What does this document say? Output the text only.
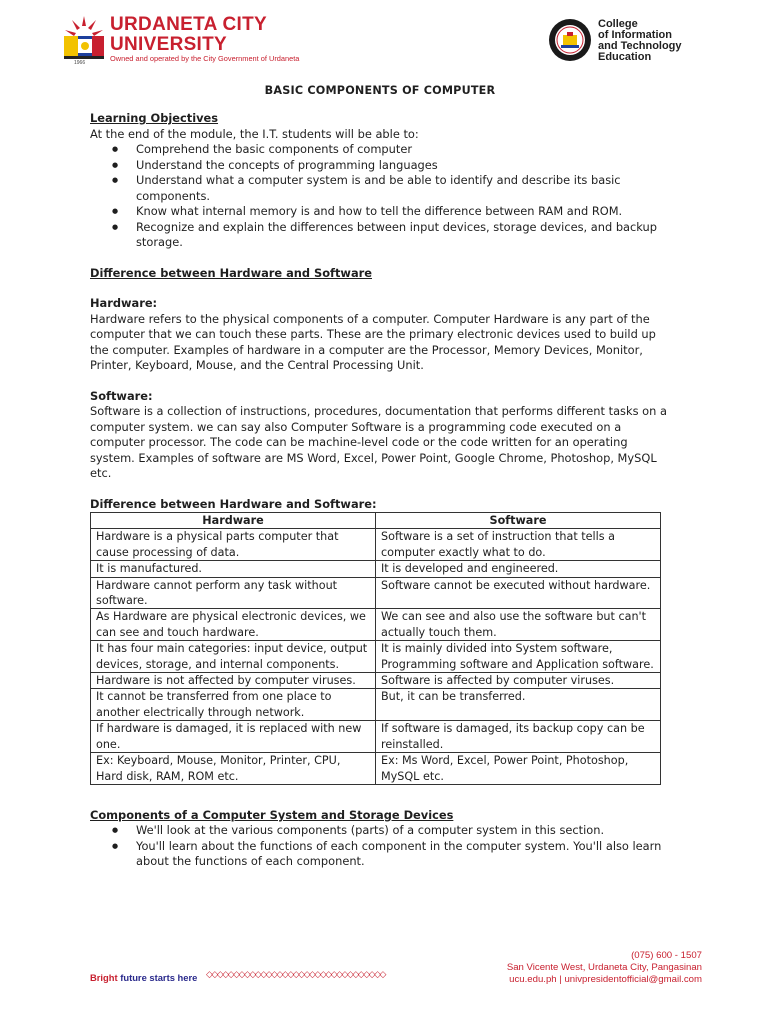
1966
URDANETA CITY
UNIVERSITY
Owned and operated by the City Government of Urdaneta
College
of Information
and Technology
Education
BASIC COMPONENTS OF COMPUTER

Learning Objectives

At the end of the module, the I.T. students will be able to:

● Comprehend the basic components of computer
● Understand the concepts of programming languages
● Understand what a computer system is and be able to identify and describe its basic components.
● Know what internal memory is and how to tell the difference between RAM and ROM.
● Recognize and explain the differences between input devices, storage devices, and backup storage.

Difference between Hardware and Software

Hardware:

Hardware refers to the physical components of a computer. Computer Hardware is any part of the computer that we can touch these parts. These are the primary electronic devices used to build up the computer. Examples of hardware in a computer are the Processor, Memory Devices, Monitor, Printer, Keyboard, Mouse, and the Central Processing Unit.

Software:

Software is a collection of instructions, procedures, documentation that performs different tasks on a computer system. we can say also Computer Software is a programming code executed on a computer processor. The code can be machine-level code or the code written for an operating system. Examples of software are MS Word, Excel, Power Point, Google Chrome, Photoshop, MySQL etc.

Difference between Hardware and Software:

Hardware	Software
Hardware is a physical parts computer that cause processing of data.	Software is a set of instruction that tells a computer exactly what to do.
It is manufactured.	It is developed and engineered.
Hardware cannot perform any task without software.	Software cannot be executed without hardware.
As Hardware are physical electronic devices, we can see and touch hardware.	We can see and also use the software but can't actually touch them.
It has four main categories: input device, output devices, storage, and internal components.	It is mainly divided into System software, Programming software and Application software.
Hardware is not affected by computer viruses.	Software is affected by computer viruses.
It cannot be transferred from one place to another electrically through network.	But, it can be transferred.
If hardware is damaged, it is replaced with new one.	If software is damaged, its backup copy can be reinstalled.
Ex: Keyboard, Mouse, Monitor, Printer, CPU, Hard disk, RAM, ROM etc.	Ex: Ms Word, Excel, Power Point, Photoshop, MySQL etc.

Components of a Computer System and Storage Devices

● We'll look at the various components (parts) of a computer system in this section.
● You'll learn about the functions of each component in the computer system. You'll also learn about the functions of each component.
Bright future starts here ◇◇◇◇◇◇◇◇◇◇◇◇◇◇◇◇◇◇◇◇◇◇◇◇◇◇◇◇◇◇◇◇◇
(075) 600 - 1507
San Vicente West, Urdaneta City, Pangasinan
ucu.edu.ph | univpresidentofficial@gmail.com
